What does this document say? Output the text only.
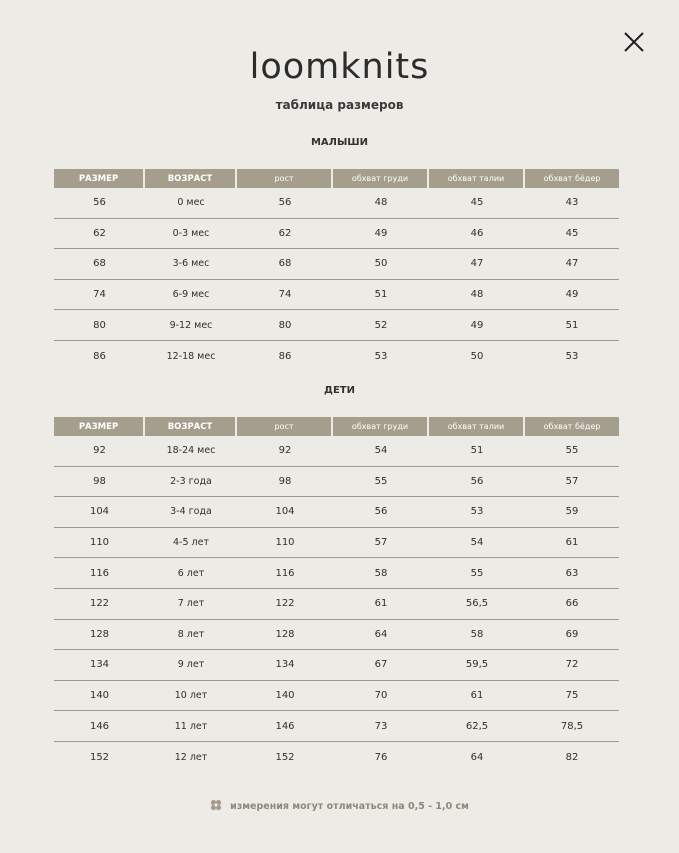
loomknits
таблица размеров
МАЛЫШИ
РАЗМЕР	ВОЗРАСТ	рост	обхват груди	обхват талии	обхват бёдер
56	0 мес	56	48	45	43
62	0-3 мес	62	49	46	45
68	3-6 мес	68	50	47	47
74	6-9 мес	74	51	48	49
80	9-12 мес	80	52	49	51
86	12-18 мес	86	53	50	53
ДЕТИ
РАЗМЕР	ВОЗРАСТ	рост	обхват груди	обхват талии	обхват бёдер
92	18-24 мес	92	54	51	55
98	2-3 года	98	55	56	57
104	3-4 года	104	56	53	59
110	4-5 лет	110	57	54	61
116	6 лет	116	58	55	63
122	7 лет	122	61	56,5	66
128	8 лет	128	64	58	69
134	9 лет	134	67	59,5	72
140	10 лет	140	70	61	75
146	11 лет	146	73	62,5	78,5
152	12 лет	152	76	64	82
измерения могут отличаться на 0,5 - 1,0 см
